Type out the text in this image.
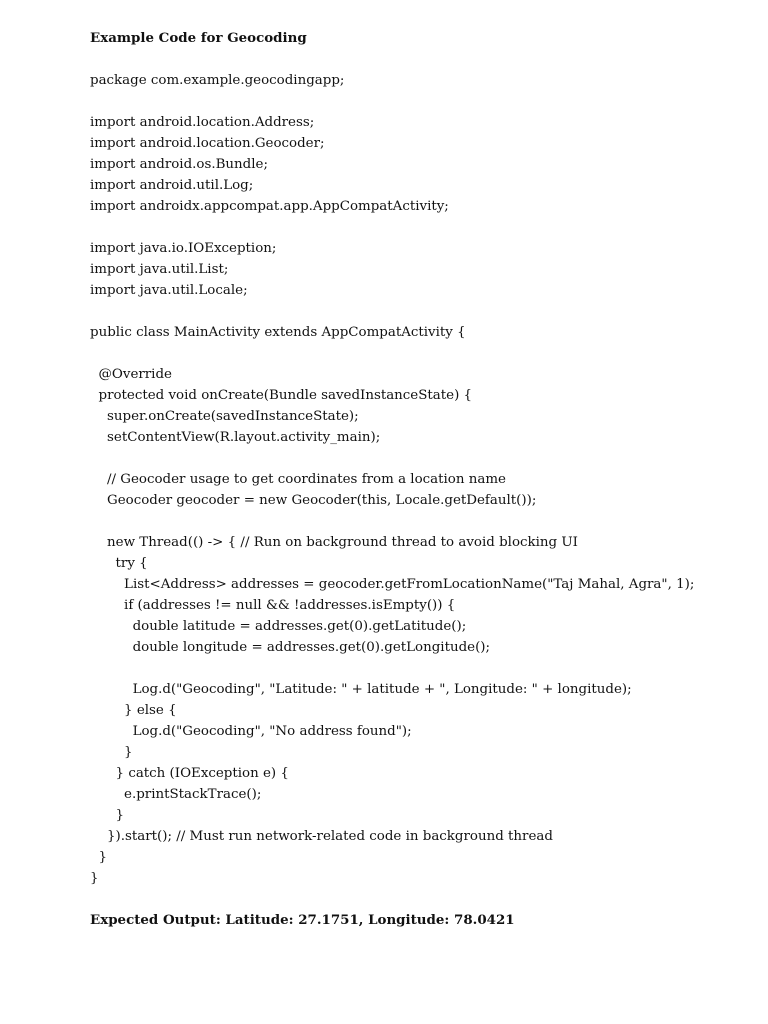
Example Code for Geocoding
package com.example.geocodingapp;
import android.location.Address;
import android.location.Geocoder;
import android.os.Bundle;
import android.util.Log;
import androidx.appcompat.app.AppCompatActivity;
import java.io.IOException;
import java.util.List;
import java.util.Locale;
public class MainActivity extends AppCompatActivity {
@Override
protected void onCreate(Bundle savedInstanceState) {
super.onCreate(savedInstanceState);
setContentView(R.layout.activity_main);
// Geocoder usage to get coordinates from a location name
Geocoder geocoder = new Geocoder(this, Locale.getDefault());
new Thread(() -> { // Run on background thread to avoid blocking UI
try {
List<Address> addresses = geocoder.getFromLocationName("Taj Mahal, Agra", 1);
if (addresses != null && !addresses.isEmpty()) {
double latitude = addresses.get(0).getLatitude();
double longitude = addresses.get(0).getLongitude();
Log.d("Geocoding", "Latitude: " + latitude + ", Longitude: " + longitude);
} else {
Log.d("Geocoding", "No address found");
}
} catch (IOException e) {
e.printStackTrace();
}
}).start(); // Must run network-related code in background thread
}
}
Expected Output: Latitude: 27.1751, Longitude: 78.0421
